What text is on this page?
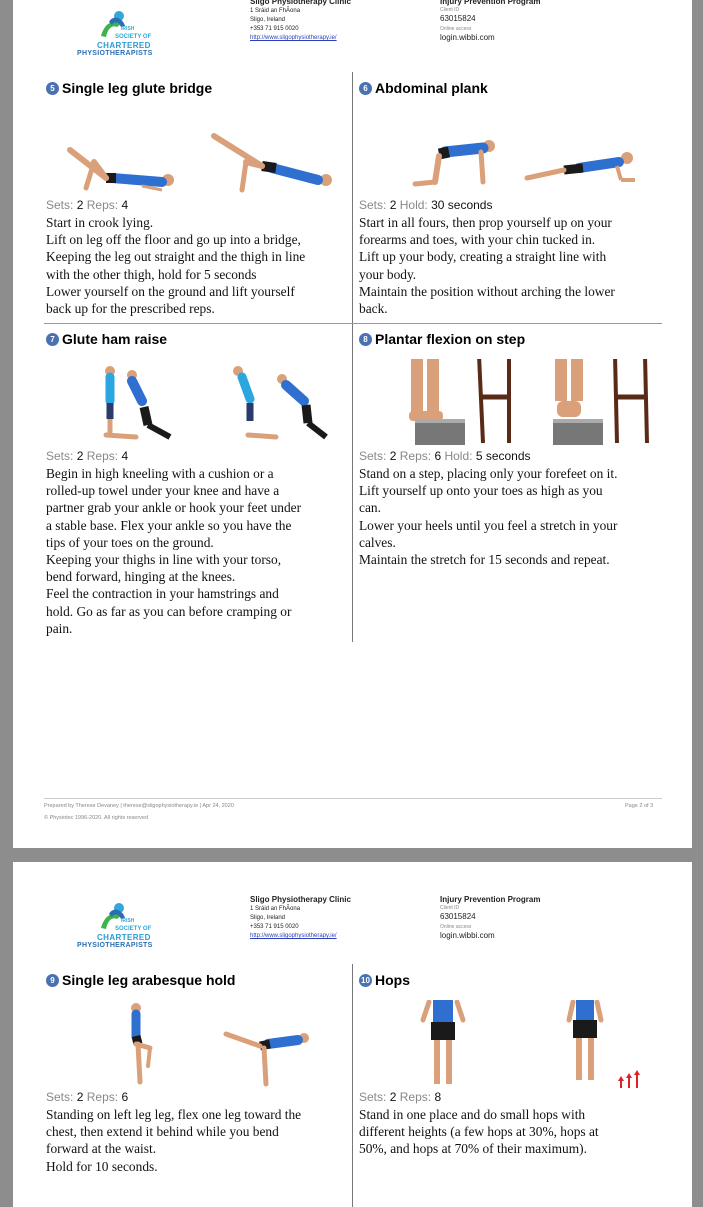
IRISH
SOCIETY OF
CHARTERED
PHYSIOTHERAPISTS
Sligo Physiotherapy Clinic
1 Sráid an FhÃona
Sligo, Ireland
+353 71 915 0020
http://www.sligophysiotherapy.ie/
Injury Prevention Program
Client ID
63015824
Online access
login.wibbi.com
5 Single leg glute bridge
Sets: 2 Reps: 4
Start in crook lying.
Lift on leg off the floor and go up into a bridge,
Keeping the leg out straight and the thigh in line
with the other thigh, hold for 5 seconds
Lower yourself on the ground and lift yourself
back up for the prescribed reps.
6 Abdominal plank
Sets: 2 Hold: 30 seconds
Start in all fours, then prop yourself up on your
forearms and toes, with your chin tucked in.
Lift up your body, creating a straight line with
your body.
Maintain the position without arching the lower
back.
7 Glute ham raise
Sets: 2 Reps: 4
Begin in high kneeling with a cushion or a
rolled-up towel under your knee and have a
partner grab your ankle or hook your feet under
a stable base. Flex your ankle so you have the
tips of your toes on the ground.
Keeping your thighs in line with your torso,
bend forward, hinging at the knees.
Feel the contraction in your hamstrings and
hold. Go as far as you can before cramping or
pain.
8 Plantar flexion on step
Sets: 2 Reps: 6 Hold: 5 seconds
Stand on a step, placing only your forefeet on it.
Lift yourself up onto your toes as high as you
can.
Lower your heels until you feel a stretch in your
calves.
Maintain the stretch for 15 seconds and repeat.
Prepared by Therese Devaney | therese@sligophysiotherapy.ie | Apr 24, 2020
© Physiotec 1996-2020. All rights reserved
Page 2 of 3
IRISH
SOCIETY OF
CHARTERED
PHYSIOTHERAPISTS
Sligo Physiotherapy Clinic
1 Sráid an FhÃona
Sligo, Ireland
+353 71 915 0020
http://www.sligophysiotherapy.ie/
Injury Prevention Program
Client ID
63015824
Online access
login.wibbi.com
9 Single leg arabesque hold
Sets: 2 Reps: 6
Standing on left leg leg, flex one leg toward the
chest, then extend it behind while you bend
forward at the waist.
Hold for 10 seconds.
10 Hops
Sets: 2 Reps: 8
Stand in one place and do small hops with
different heights (a few hops at 30%, hops at
50%, and hops at 70% of their maximum).
